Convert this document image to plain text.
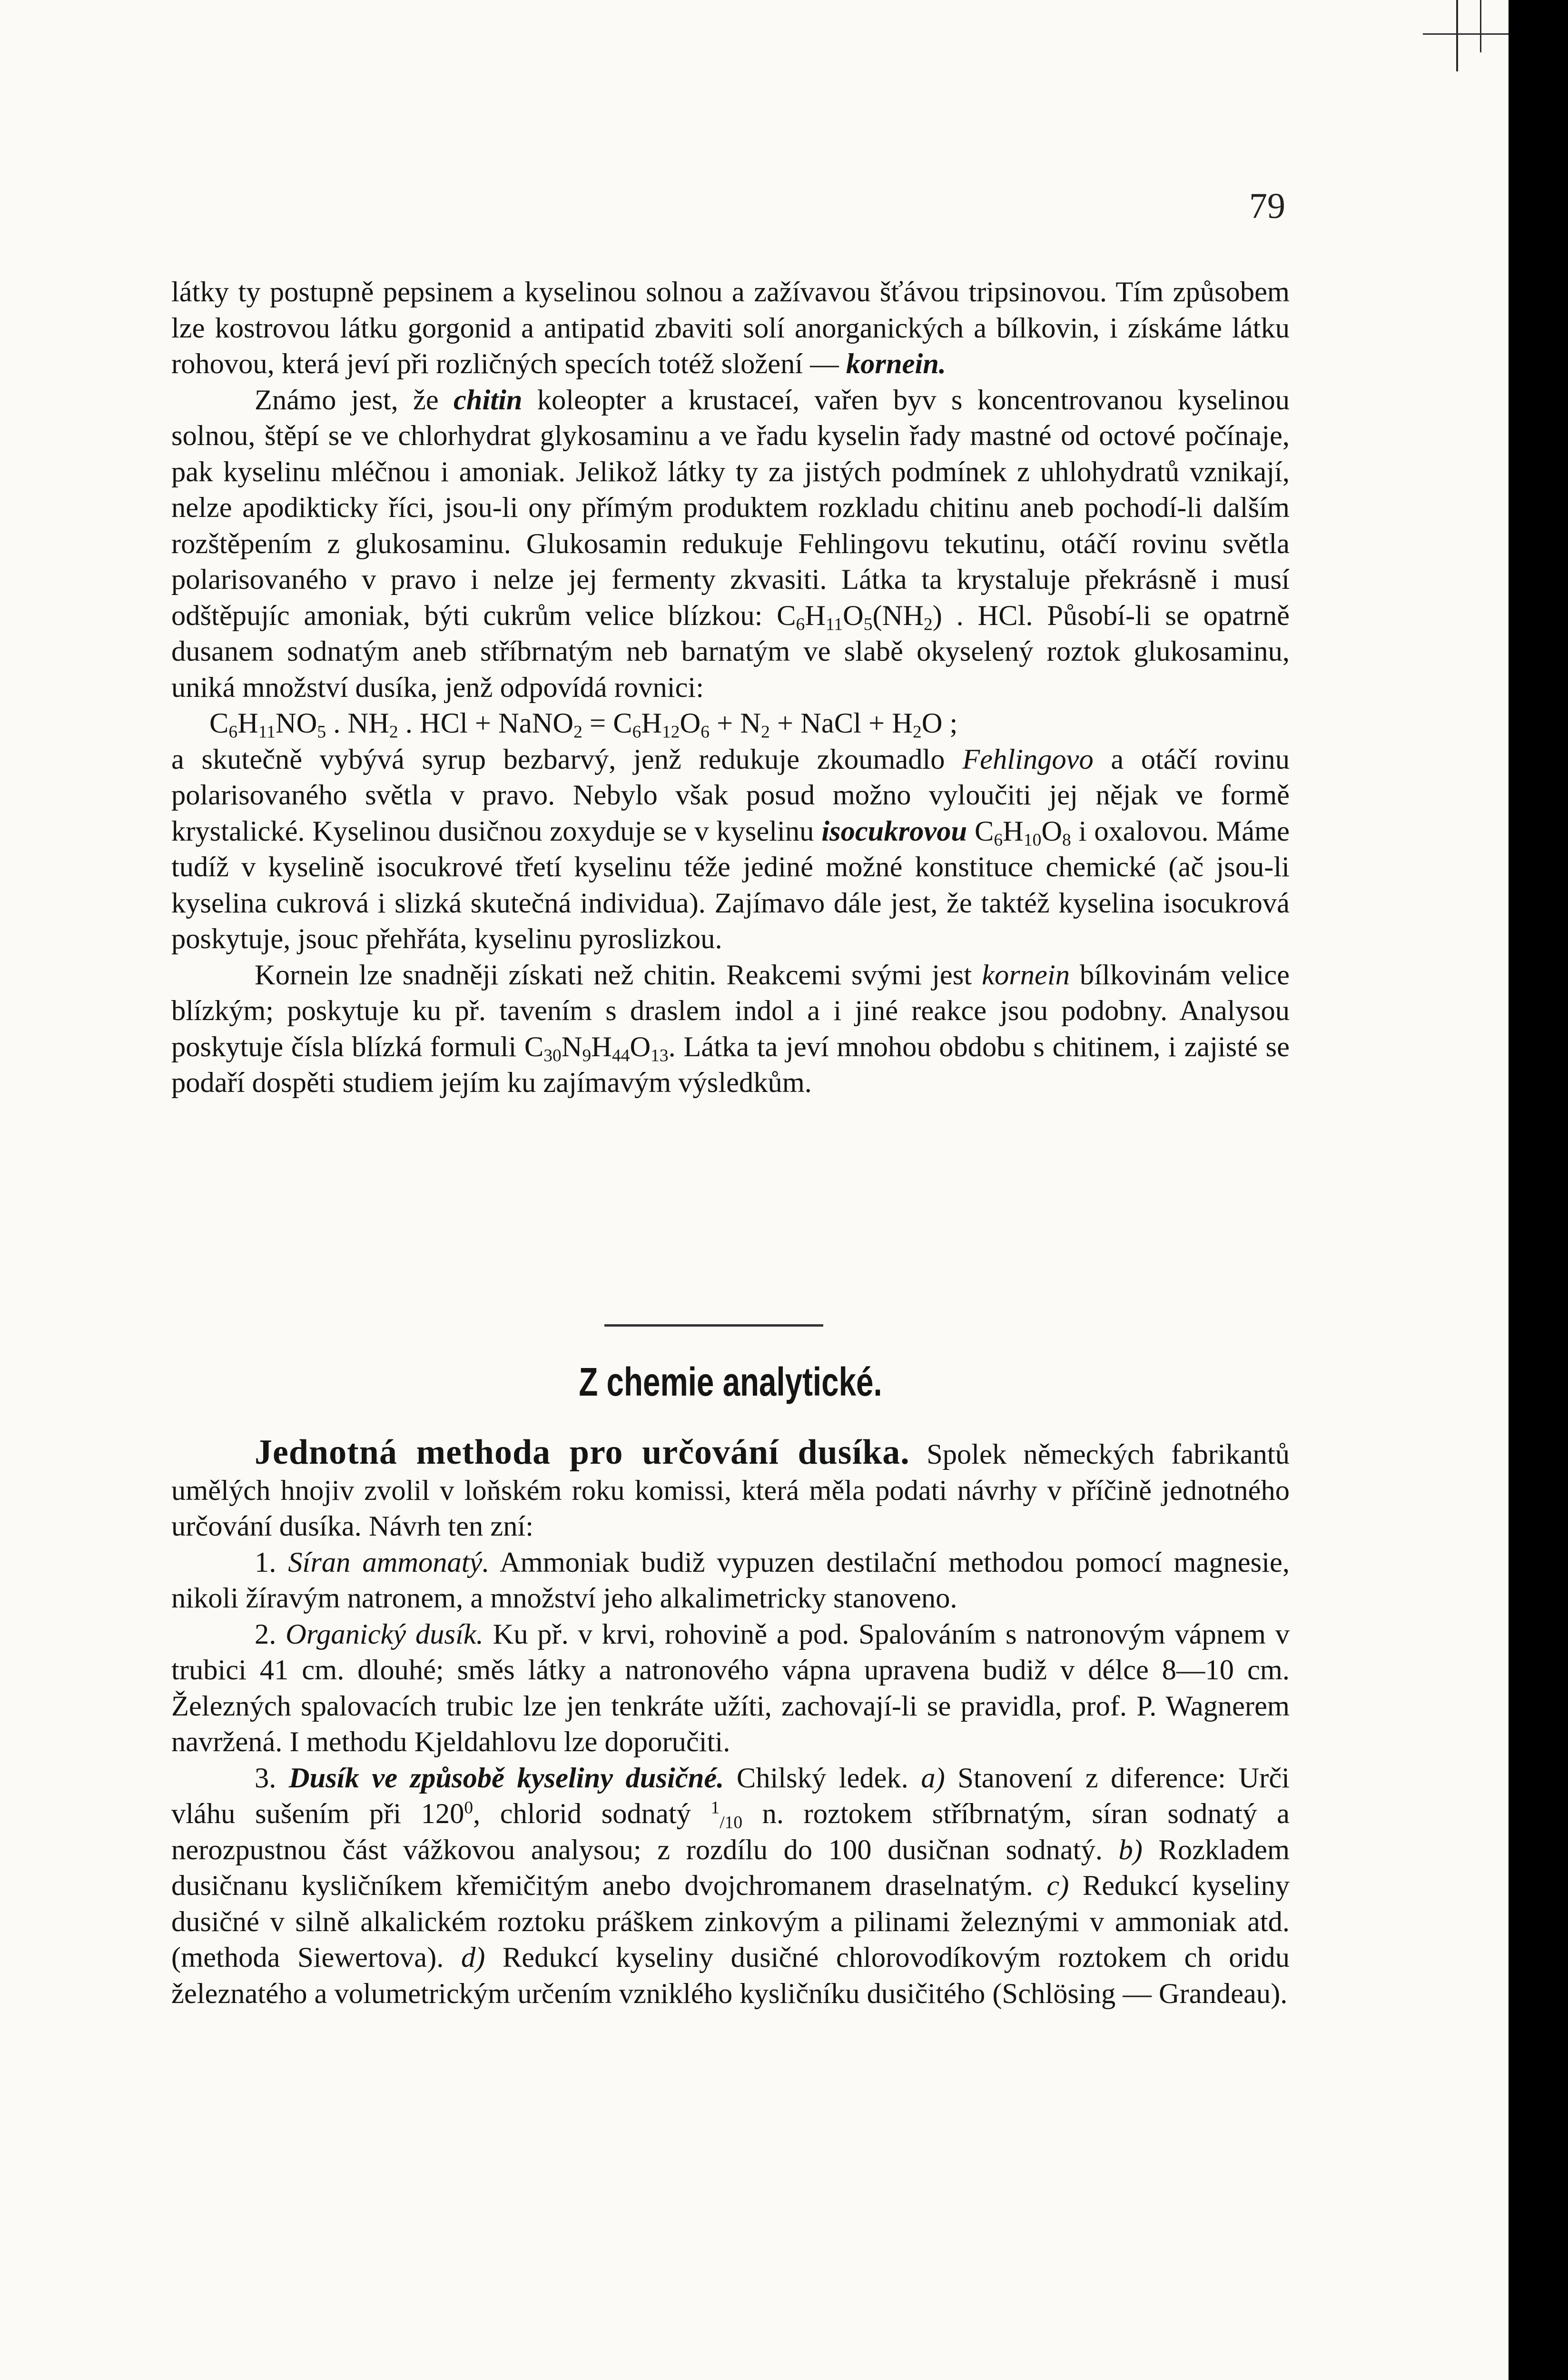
79

látky ty postupně pepsinem a kyselinou solnou a zažívavou šťávou tripsinovou. Tím způsobem lze kostrovou látku gorgonid a antipatid zbaviti solí anorganických a bílkovin, i získáme látku rohovou, která jeví při rozličných specích totéž složení — kornein.

Známo jest, že chitin koleopter a krustaceí, vařen byv s koncentrovanou kyselinou solnou, štěpí se ve chlorhydrat glykosaminu a ve řadu kyselin řady mastné od octové počínaje, pak kyselinu mléčnou i amoniak. Jelikož látky ty za jistých podmínek z uhlohydratů vznikají, nelze apodikticky říci, jsou-li ony přímým produktem rozkladu chitinu aneb pochodí-li dalším rozštěpením z glukosaminu. Glukosamin redukuje Fehlingovu tekutinu, otáčí rovinu světla polarisovaného v pravo i nelze jej fermenty zkvasiti. Látka ta krystaluje překrásně i musí odštěpujíc amoniak, býti cukrům velice blízkou: $C_6H_{11}O_5(NH_2)$ . HCl. Působí-li se opatrně dusanem sodnatým aneb stříbrnatým neb barnatým ve slabě okyselený roztok glukosaminu, uniká množství dusíka, jenž odpovídá rovnici:

$C_6H_{11}NO_5$ . $NH_2$ . HCl + NaNO$_2$ = $C_6H_{12}O_6 + N_2$ + NaCl + $H_2O$ ;

a skutečně vybývá syrup bezbarvý, jenž redukuje zkoumadlo Fehlingovo a otáčí rovinu polarisovaného světla v pravo. Nebylo však posud možno vyloučiti jej nějak ve formě krystalické. Kyselinou dusičnou zoxyduje se v kyselinu isocukrovou $C_6H_{10}O_8$ i oxalovou. Máme tudíž v kyselině isocukrové třetí kyselinu téže jediné možné konstituce chemické (ač jsou-li kyselina cukrová i slizká skutečná individua). Zajímavo dále jest, že taktéž kyselina isocukrová poskytuje, jsouc přehřáta, kyselinu pyroslizkou.

Kornein lze snadněji získati než chitin. Reakcemi svými jest kornein bílkovinám velice blízkým; poskytuje ku př. tavením s draslem indol a i jiné reakce jsou podobny. Analysou poskytuje čísla blízká formuli $C_{30}N_9H_{44}O_{13}$. Látka ta jeví mnohou obdobu s chitinem, i zajisté se podaří dospěti studiem jejím ku zajímavým výsledkům.

Z chemie analytické.

Jednotná methoda pro určování dusíka. Spolek německých fabrikantů umělých hnojiv zvolil v loňském roku komissi, která měla podati návrhy v příčině jednotného určování dusíka. Návrh ten zní:

1. Síran ammonatý. Ammoniak budiž vypuzen destilační methodou pomocí magnesie, nikoli žíravým natronem, a množství jeho alkalimetricky stanoveno.

2. Organický dusík. Ku př. v krvi, rohovině a pod. Spalováním s natronovým vápnem v trubici 41 cm. dlouhé; směs látky a natronového vápna upravena budiž v délce 8—10 cm. Železných spalovacích trubic lze jen tenkráte užíti, zachovají-li se pravidla, prof. P. Wagnerem navržená. I methodu Kjeldahlovu lze doporučiti.

3. Dusík ve způsobě kyseliny dusičné. Chilský ledek. a) Stanovení z diference: Urči vláhu sušením při $120^0$, chlorid sodnatý $^1_{/10}$ n. roztokem stříbrnatým, síran sodnatý a nerozpustnou část vážkovou analysou; z rozdílu do 100 dusičnan sodnatý. b) Rozkladem dusičnanu kysličníkem křemičitým anebo dvojchromanem draselnatým. c) Redukcí kyseliny dusičné v silně alkalickém roztoku práškem zinkovým a pilinami železnými v ammoniak atd. (methoda Siewertova). d) Redukcí kyseliny dusičné chlorovodíkovým roztokem ch oridu železnatého a volumetrickým určením vzniklého kysličníku dusičitého (Schlösing — Grandeau).
